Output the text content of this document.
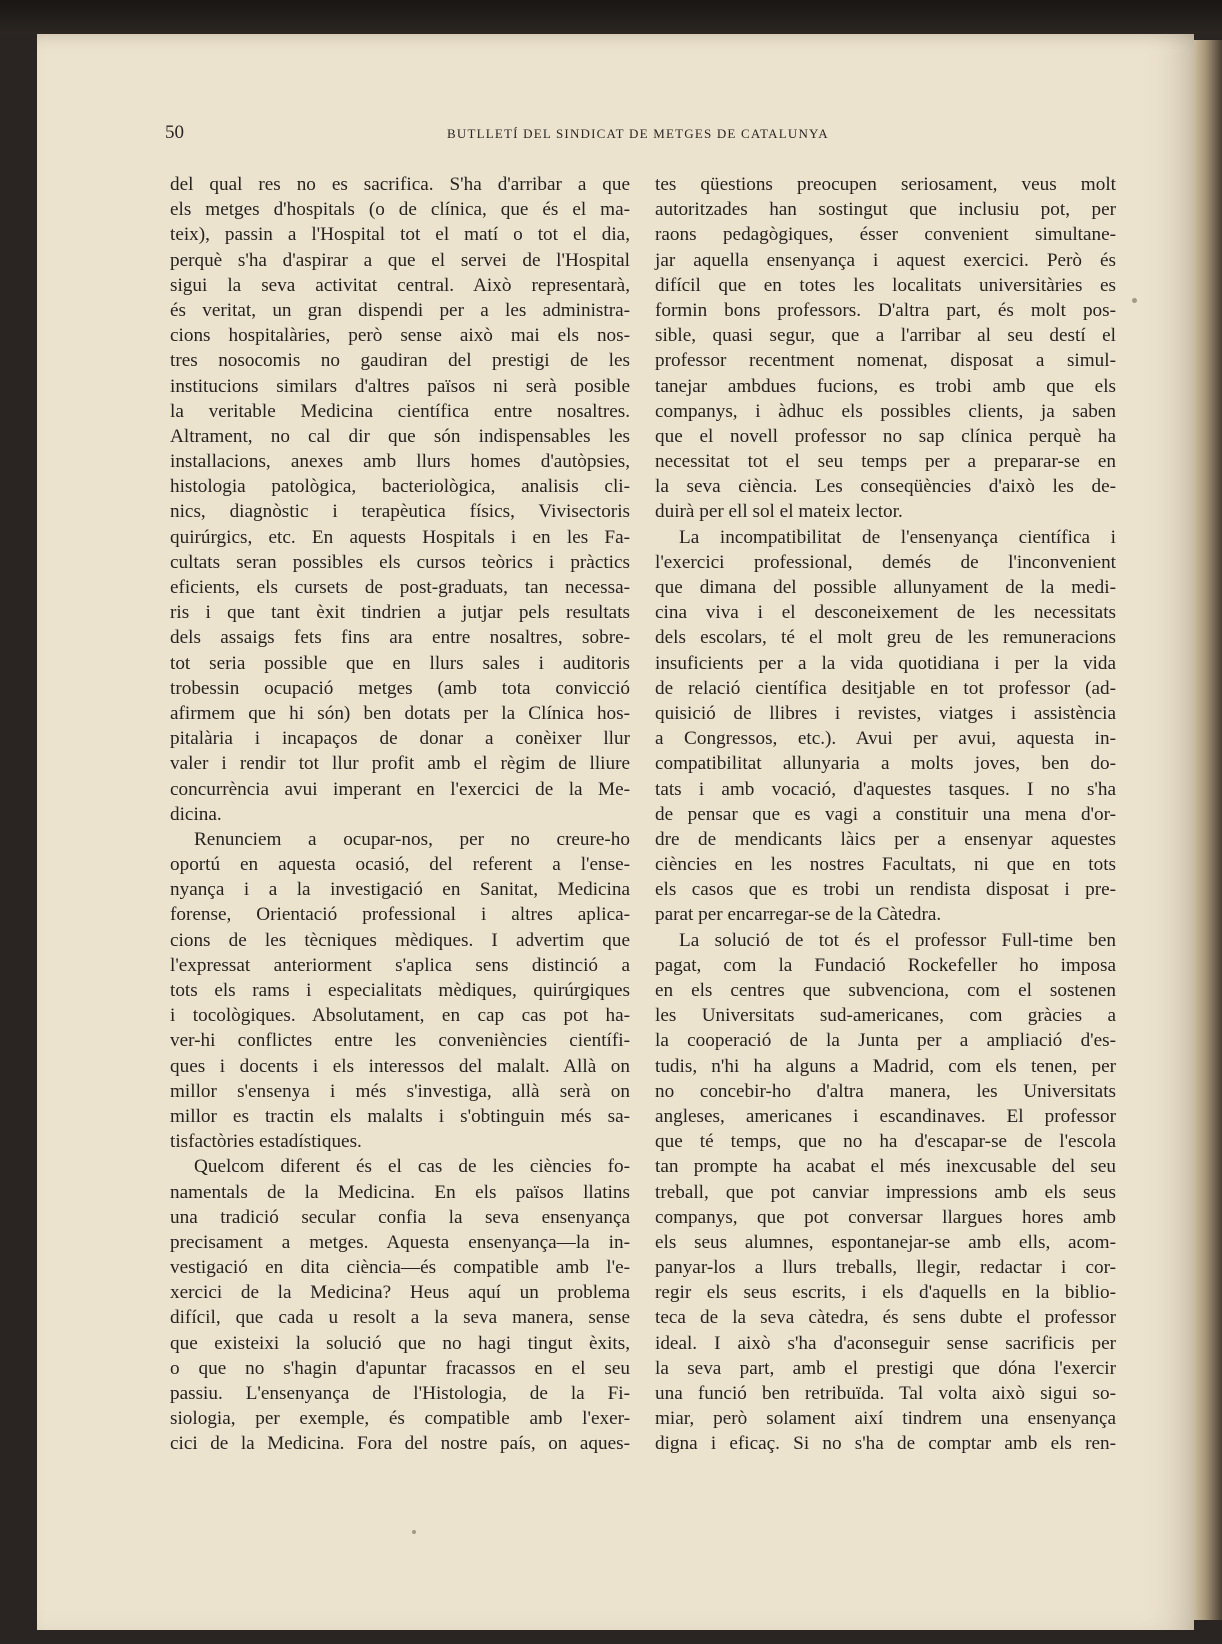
50	BUTLLETÍ DEL SINDICAT DE METGES DE CATALUNYA
del qual res no es sacrifica. S'ha d'arribar a que
els metges d'hospitals (o de clínica, que és el ma-
teix), passin a l'Hospital tot el matí o tot el dia,
perquè s'ha d'aspirar a que el servei de l'Hospital
sigui la seva activitat central. Això representarà,
és veritat, un gran dispendi per a les administra-
cions hospitalàries, però sense això mai els nos-
tres nosocomis no gaudiran del prestigi de les
institucions similars d'altres països ni serà posible
la veritable Medicina científica entre nosaltres.
Altrament, no cal dir que són indispensables les
installacions, anexes amb llurs homes d'autòpsies,
histologia patològica, bacteriològica, analisis cli-
nics, diagnòstic i terapèutica físics, Vivisectoris
quirúrgics, etc. En aquests Hospitals i en les Fa-
cultats seran possibles els cursos teòrics i pràctics
eficients, els cursets de post-graduats, tan necessa-
ris i que tant èxit tindrien a jutjar pels resultats
dels assaigs fets fins ara entre nosaltres, sobre-
tot seria possible que en llurs sales i auditoris
trobessin ocupació metges (amb tota convicció
afirmem que hi són) ben dotats per la Clínica hos-
pitalària i incapaços de donar a conèixer llur
valer i rendir tot llur profit amb el règim de lliure
concurrència avui imperant en l'exercici de la Me-
dicina.
Renunciem a ocupar-nos, per no creure-ho
oportú en aquesta ocasió, del referent a l'ense-
nyança i a la investigació en Sanitat, Medicina
forense, Orientació professional i altres aplica-
cions de les tècniques mèdiques. I advertim que
l'expressat anteriorment s'aplica sens distinció a
tots els rams i especialitats mèdiques, quirúrgiques
i tocològiques. Absolutament, en cap cas pot ha-
ver-hi conflictes entre les conveniències científi-
ques i docents i els interessos del malalt. Allà on
millor s'ensenya i més s'investiga, allà serà on
millor es tractin els malalts i s'obtinguin més sa-
tisfactòries estadístiques.
Quelcom diferent és el cas de les ciències fo-
namentals de la Medicina. En els països llatins
una tradició secular confia la seva ensenyança
precisament a metges. Aquesta ensenyança—la in-
vestigació en dita ciència—és compatible amb l'e-
xercici de la Medicina? Heus aquí un problema
difícil, que cada u resolt a la seva manera, sense
que existeixi la solució que no hagi tingut èxits,
o que no s'hagin d'apuntar fracassos en el seu
passiu. L'ensenyança de l'Histologia, de la Fi-
siologia, per exemple, és compatible amb l'exer-
cici de la Medicina. Fora del nostre país, on aques-
tes qüestions preocupen seriosament, veus molt
autoritzades han sostingut que inclusiu pot, per
raons pedagògiques, ésser convenient simultane-
jar aquella ensenyança i aquest exercici. Però és
difícil que en totes les localitats universitàries es
formin bons professors. D'altra part, és molt pos-
sible, quasi segur, que a l'arribar al seu destí el
professor recentment nomenat, disposat a simul-
tanejar ambdues fucions, es trobi amb que els
companys, i àdhuc els possibles clients, ja saben
que el novell professor no sap clínica perquè ha
necessitat tot el seu temps per a preparar-se en
la seva ciència. Les conseqüències d'això les de-
duirà per ell sol el mateix lector.
La incompatibilitat de l'ensenyança científica i
l'exercici professional, demés de l'inconvenient
que dimana del possible allunyament de la medi-
cina viva i el desconeixement de les necessitats
dels escolars, té el molt greu de les remuneracions
insuficients per a la vida quotidiana i per la vida
de relació científica desitjable en tot professor (ad-
quisició de llibres i revistes, viatges i assistència
a Congressos, etc.). Avui per avui, aquesta in-
compatibilitat allunyaria a molts joves, ben do-
tats i amb vocació, d'aquestes tasques. I no s'ha
de pensar que es vagi a constituir una mena d'or-
dre de mendicants làics per a ensenyar aquestes
ciències en les nostres Facultats, ni que en tots
els casos que es trobi un rendista disposat i pre-
parat per encarregar-se de la Càtedra.
La solució de tot és el professor Full-time ben
pagat, com la Fundació Rockefeller ho imposa
en els centres que subvenciona, com el sostenen
les Universitats sud-americanes, com gràcies a
la cooperació de la Junta per a ampliació d'es-
tudis, n'hi ha alguns a Madrid, com els tenen, per
no concebir-ho d'altra manera, les Universitats
angleses, americanes i escandinaves. El professor
que té temps, que no ha d'escapar-se de l'escola
tan prompte ha acabat el més inexcusable del seu
treball, que pot canviar impressions amb els seus
companys, que pot conversar llargues hores amb
els seus alumnes, espontanejar-se amb ells, acom-
panyar-los a llurs treballs, llegir, redactar i cor-
regir els seus escrits, i els d'aquells en la biblio-
teca de la seva càtedra, és sens dubte el professor
ideal. I això s'ha d'aconseguir sense sacrificis per
la seva part, amb el prestigi que dóna l'exercir
una funció ben retribuïda. Tal volta això sigui so-
miar, però solament així tindrem una ensenyança
digna i eficaç. Si no s'ha de comptar amb els ren-
